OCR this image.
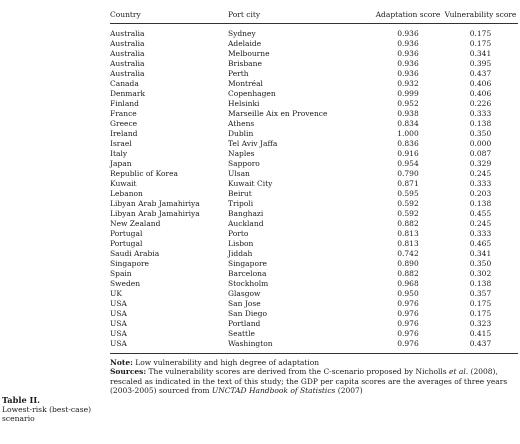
Table II.
Lowest-risk (best-case) scenario
Country	Port city	Adaptation score	Vulnerability score
Australia	Sydney	0.936	0.175
Australia	Adelaide	0.936	0.175
Australia	Melbourne	0.936	0.341
Australia	Brisbane	0.936	0.395
Australia	Perth	0.936	0.437
Canada	Montréal	0.932	0.406
Denmark	Copenhagen	0.999	0.406
Finland	Helsinki	0.952	0.226
France	Marseille Aix en Provence	0.938	0.333
Greece	Athens	0.834	0.138
Ireland	Dublin	1.000	0.350
Israel	Tel Aviv Jaffa	0.836	0.000
Italy	Naples	0.916	0.087
Japan	Sapporo	0.954	0.329
Republic of Korea	Ulsan	0.790	0.245
Kuwait	Kuwait City	0.871	0.333
Lebanon	Beirut	0.595	0.203
Libyan Arab Jamahiriya	Tripoli	0.592	0.138
Libyan Arab Jamahiriya	Banghazi	0.592	0.455
New Zealand	Auckland	0.882	0.245
Portugal	Porto	0.813	0.333
Portugal	Lisbon	0.813	0.465
Saudi Arabia	Jiddah	0.742	0.341
Singapore	Singapore	0.890	0.350
Spain	Barcelona	0.882	0.302
Sweden	Stockholm	0.968	0.138
UK	Glasgow	0.950	0.357
USA	San Jose	0.976	0.175
USA	San Diego	0.976	0.175
USA	Portland	0.976	0.323
USA	Seattle	0.976	0.415
USA	Washington	0.976	0.437
Note: Low vulnerability and high degree of adaptation
Sources: The vulnerability scores are derived from the C-scenario proposed by Nicholls et al. (2008), rescaled as indicated in the text of this study; the GDP per capita scores are the averages of three years (2003-2005) sourced from UNCTAD Handbook of Statistics (2007)
